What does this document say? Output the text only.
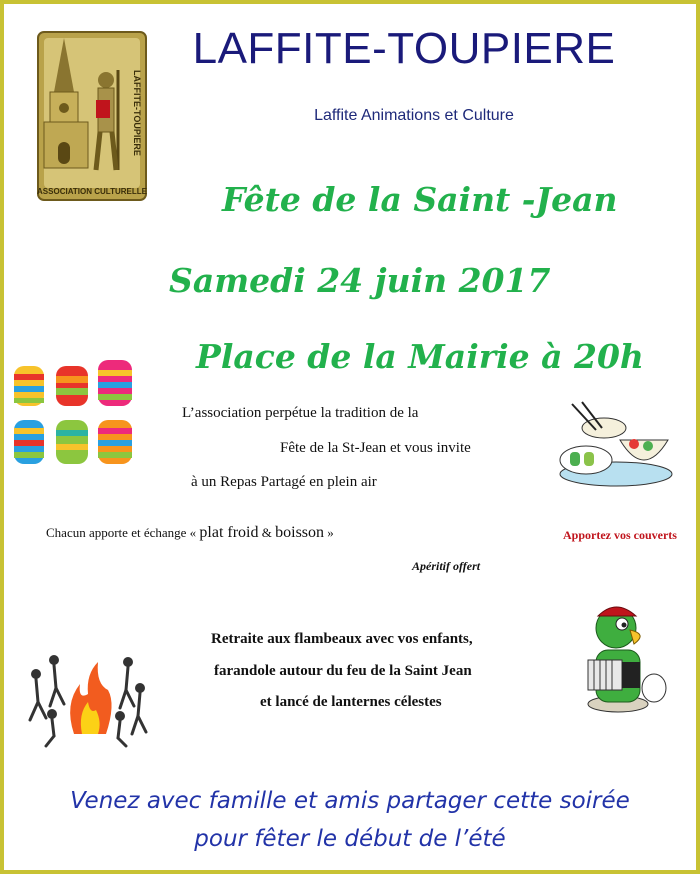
LAFFITE-TOUPIERE
ASSOCIATION CULTURELLE
LAFFITE-TOUPIERE
Laffite Animations et Culture
Fête de la Saint -Jean
Samedi 24 juin 2017
Place de la Mairie à 20h
L’association perpétue la tradition de la
Fête de la St-Jean et vous invite
à un Repas Partagé en plein air
Chacun apporte et échange « plat froid & boisson »	Apportez vos couverts
Apéritif offert
Retraite aux flambeaux avec vos enfants,
farandole autour du feu de la Saint Jean
et lancé de lanternes célestes
Venez avec famille et amis partager cette soirée
pour fêter le début de l’été
